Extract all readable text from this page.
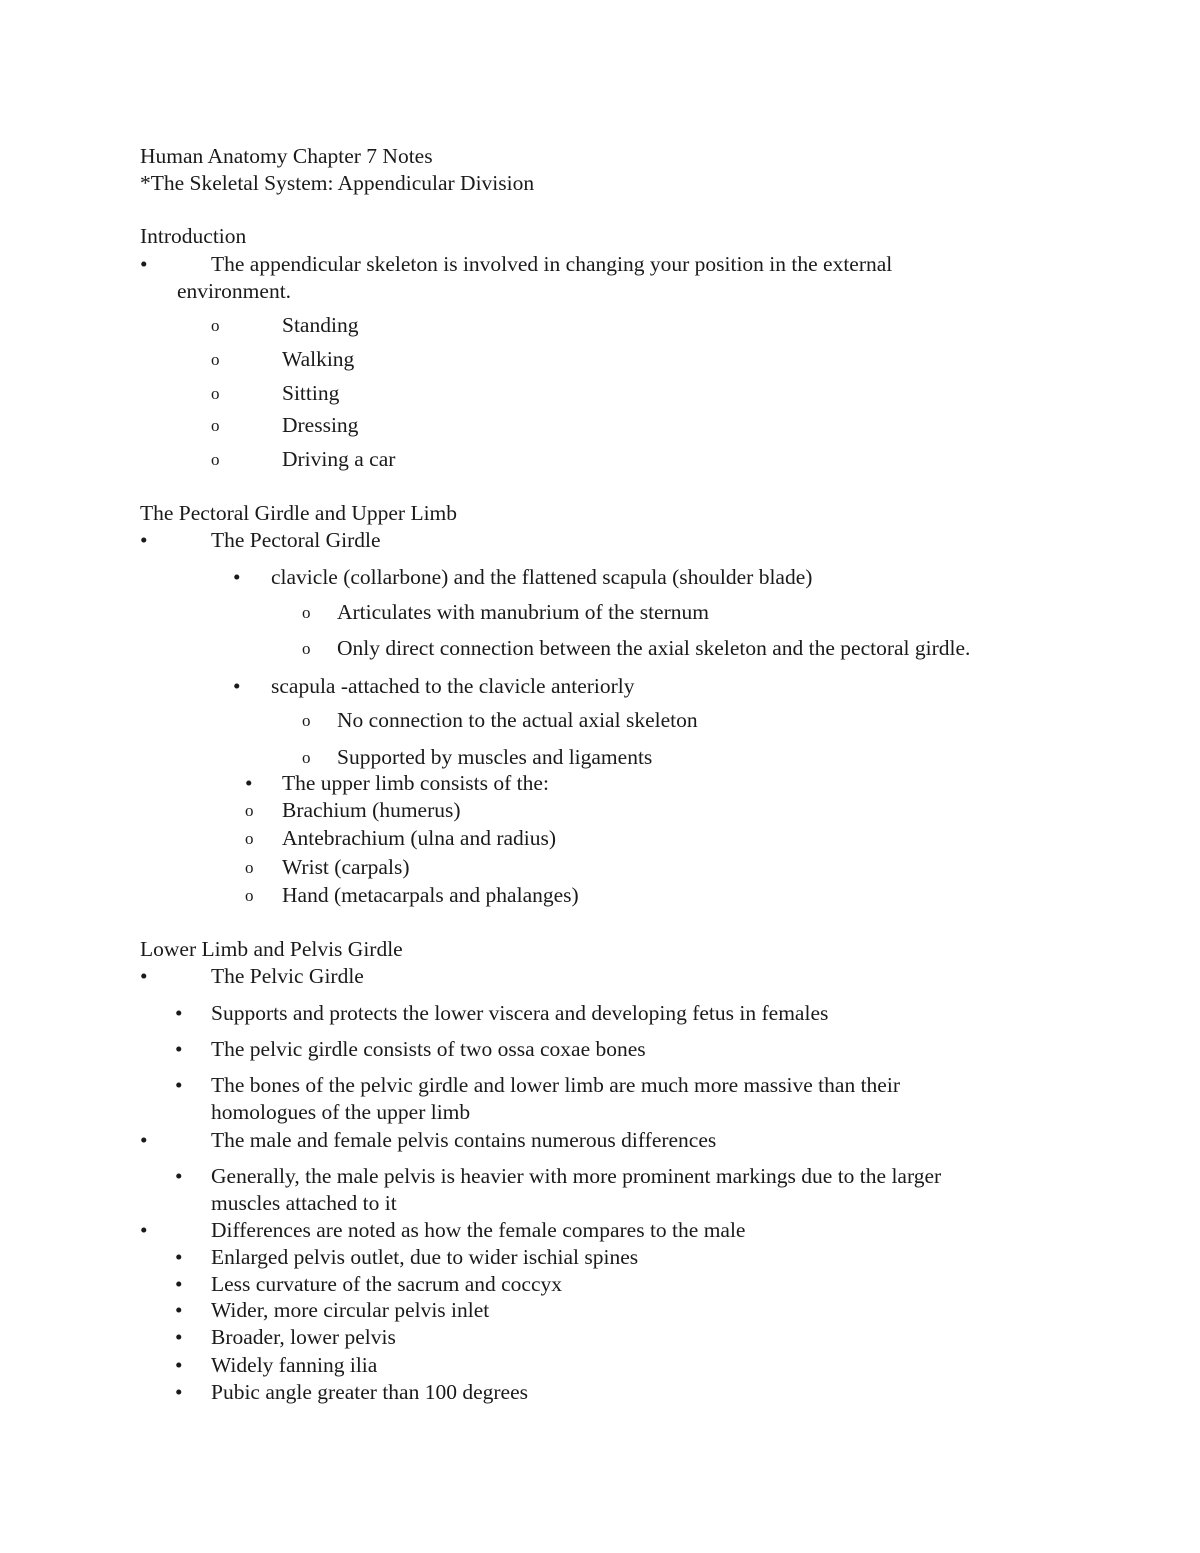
Human Anatomy Chapter 7 Notes
*The Skeletal System: Appendicular Division
Introduction
•	The appendicular skeleton is involved in changing your position in the external
environment.
o	Standing
o	Walking
o	Sitting
o	Dressing
o	Driving a car
The Pectoral Girdle and Upper Limb
•	The Pectoral Girdle
• clavicle (collarbone) and the flattened scapula (shoulder blade)
o Articulates with manubrium of the sternum
o Only direct connection between the axial skeleton and the pectoral girdle.
• scapula -attached to the clavicle anteriorly
o No connection to the actual axial skeleton
o Supported by muscles and ligaments
• The upper limb consists of the:
o Brachium (humerus)
o Antebrachium (ulna and radius)
o Wrist (carpals)
o Hand (metacarpals and phalanges)
Lower Limb and Pelvis Girdle
•	The Pelvic Girdle
• Supports and protects the lower viscera and developing fetus in females
• The pelvic girdle consists of two ossa coxae bones
• The bones of the pelvic girdle and lower limb are much more massive than their
homologues of the upper limb
•	The male and female pelvis contains numerous differences
• Generally, the male pelvis is heavier with more prominent markings due to the larger
muscles attached to it
•	Differences are noted as how the female compares to the male
• Enlarged pelvis outlet, due to wider ischial spines
• Less curvature of the sacrum and coccyx
• Wider, more circular pelvis inlet
• Broader, lower pelvis
• Widely fanning ilia
• Pubic angle greater than 100 degrees
